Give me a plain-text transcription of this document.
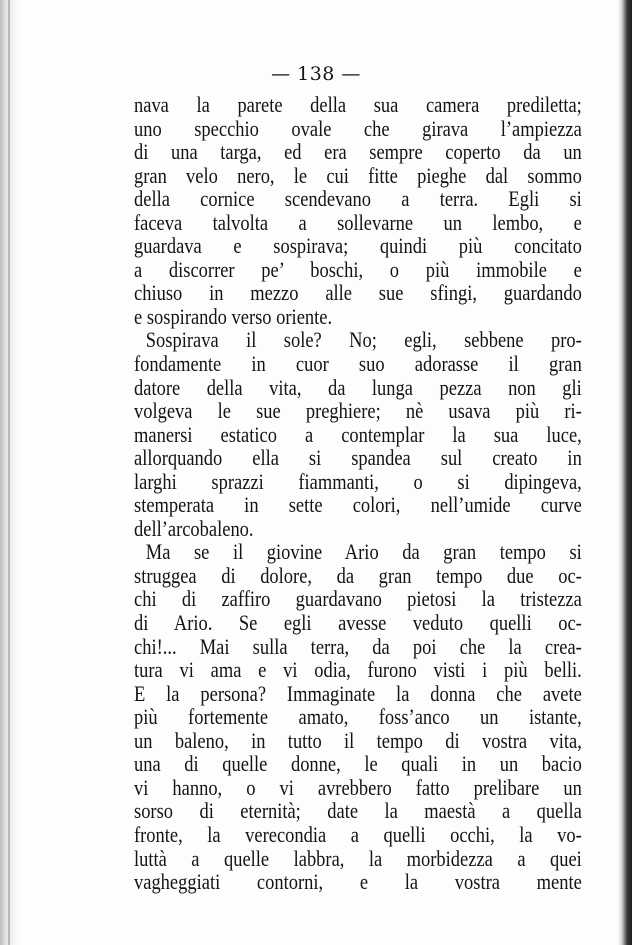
— 138 —
nava la parete della sua camera prediletta;
uno specchio ovale che girava l’ampiezza
di una targa, ed era sempre coperto da un
gran velo nero, le cui fitte pieghe dal sommo
della cornice scendevano a terra. Egli si
faceva talvolta a sollevarne un lembo, e
guardava e sospirava; quindi più concitato
a discorrer pe’ boschi, o più immobile e
chiuso in mezzo alle sue sfingi, guardando
e sospirando verso oriente.
Sospirava il sole? No; egli, sebbene pro-
fondamente in cuor suo adorasse il gran
datore della vita, da lunga pezza non gli
volgeva le sue preghiere; nè usava più ri-
manersi estatico a contemplar la sua luce,
allorquando ella si spandea sul creato in
larghi sprazzi fiammanti, o si dipingeva,
stemperata in sette colori, nell’umide curve
dell’arcobaleno.
Ma se il giovine Ario da gran tempo si
struggea di dolore, da gran tempo due oc-
chi di zaffiro guardavano pietosi la tristezza
di Ario. Se egli avesse veduto quelli oc-
chi!... Mai sulla terra, da poi che la crea-
tura vi ama e vi odia, furono visti i più belli.
E la persona? Immaginate la donna che avete
più fortemente amato, foss’anco un istante,
un baleno, in tutto il tempo di vostra vita,
una di quelle donne, le quali in un bacio
vi hanno, o vi avrebbero fatto prelibare un
sorso di eternità; date la maestà a quella
fronte, la verecondia a quelli occhi, la vo-
luttà a quelle labbra, la morbidezza a quei
vagheggiati contorni, e la vostra mente
